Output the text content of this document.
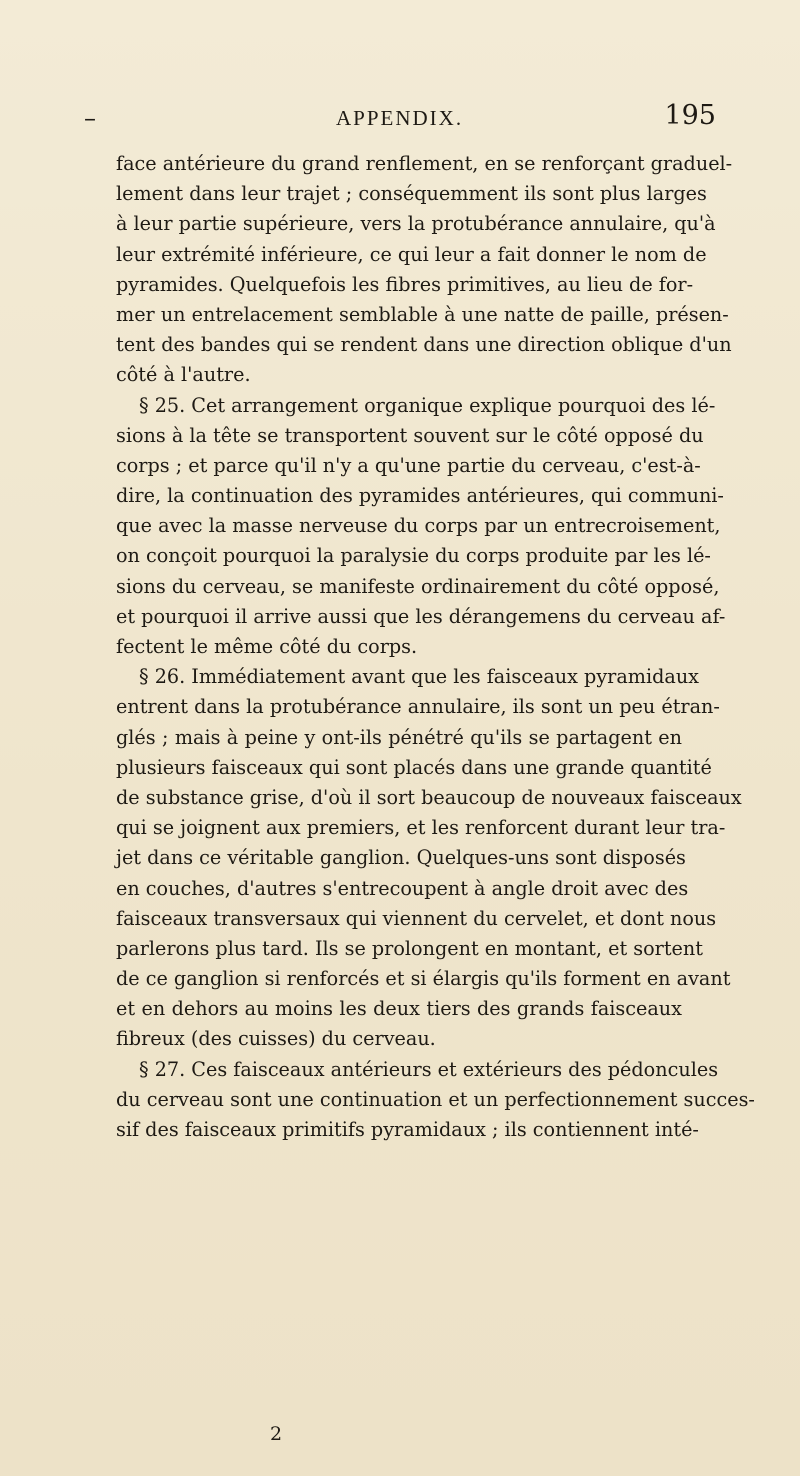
–	APPENDIX.	195
face antérieure du grand renflement, en se renforçant graduel-
lement dans leur trajet ; conséquemment ils sont plus larges
à leur partie supérieure, vers la protubérance annulaire, qu'à
leur extrémité inférieure, ce qui leur a fait donner le nom de
pyramides. Quelquefois les fibres primitives, au lieu de for-
mer un entrelacement semblable à une natte de paille, présen-
tent des bandes qui se rendent dans une direction oblique d'un
côté à l'autre.
§ 25. Cet arrangement organique explique pourquoi des lé-
sions à la tête se transportent souvent sur le côté opposé du
corps ; et parce qu'il n'y a qu'une partie du cerveau, c'est-à-
dire, la continuation des pyramides antérieures, qui communi-
que avec la masse nerveuse du corps par un entrecroisement,
on conçoit pourquoi la paralysie du corps produite par les lé-
sions du cerveau, se manifeste ordinairement du côté opposé,
et pourquoi il arrive aussi que les dérangemens du cerveau af-
fectent le même côté du corps.
§ 26. Immédiatement avant que les faisceaux pyramidaux
entrent dans la protubérance annulaire, ils sont un peu étran-
glés ; mais à peine y ont-ils pénétré qu'ils se partagent en
plusieurs faisceaux qui sont placés dans une grande quantité
de substance grise, d'où il sort beaucoup de nouveaux faisceaux
qui se joignent aux premiers, et les renforcent durant leur tra-
jet dans ce véritable ganglion. Quelques-uns sont disposés
en couches, d'autres s'entrecoupent à angle droit avec des
faisceaux transversaux qui viennent du cervelet, et dont nous
parlerons plus tard. Ils se prolongent en montant, et sortent
de ce ganglion si renforcés et si élargis qu'ils forment en avant
et en dehors au moins les deux tiers des grands faisceaux
fibreux (des cuisses) du cerveau.
§ 27. Ces faisceaux antérieurs et extérieurs des pédoncules
du cerveau sont une continuation et un perfectionnement succes-
sif des faisceaux primitifs pyramidaux ; ils contiennent inté-
2
